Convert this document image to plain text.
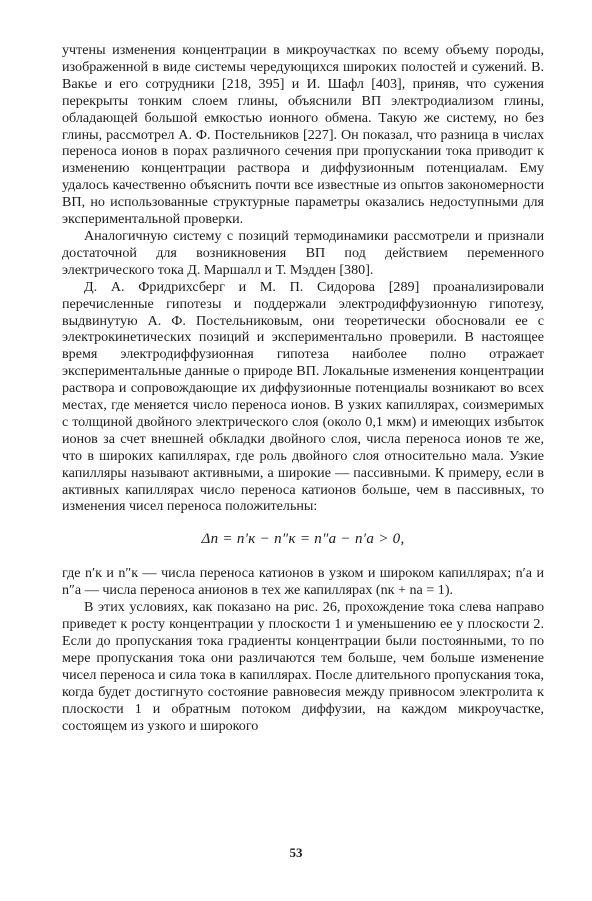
учтены изменения концентрации в микроучастках по всему объему породы, изображенной в виде системы чередующихся широких полостей и сужений. В. Вакье и его сотрудники [218, 395] и И. Шафл [403], приняв, что сужения перекрыты тонким слоем глины, объяснили ВП электродиализом глины, обладающей большой емкостью ионного обмена. Такую же систему, но без глины, рассмотрел А. Ф. Постельников [227]. Он показал, что разница в числах переноса ионов в порах различного сечения при пропускании тока приводит к изменению концентрации раствора и диффузионным потенциалам. Ему удалось качественно объяснить почти все известные из опытов закономерности ВП, но использованные структурные параметры оказались недоступными для экспериментальной проверки.

Аналогичную систему с позиций термодинамики рассмотрели и признали достаточной для возникновения ВП под действием переменного электрического тока Д. Маршалл и Т. Мэдден [380].

Д. А. Фридрихсберг и М. П. Сидорова [289] проанализировали перечисленные гипотезы и поддержали электродиффузионную гипотезу, выдвинутую А. Ф. Постельниковым, они теоретически обосновали ее с электрокинетических позиций и экспериментально проверили. В настоящее время электродиффузионная гипотеза наиболее полно отражает экспериментальные данные о природе ВП. Локальные изменения концентрации раствора и сопровождающие их диффузионные потенциалы возникают во всех местах, где меняется число переноса ионов. В узких капиллярах, соизмеримых с толщиной двойного электрического слоя (около 0,1 мкм) и имеющих избыток ионов за счет внешней обкладки двойного слоя, числа переноса ионов те же, что в широких капиллярах, где роль двойного слоя относительно мала. Узкие капилляры называют активными, а широкие — пассивными. К примеру, если в активных капиллярах число переноса катионов больше, чем в пассивных, то изменения чисел переноса положительны:

Δn = n′к − n″к = n″а − n′а > 0,

где n′к и n″к — числа переноса катионов в узком и широком капиллярах; n′а и n″а — числа переноса анионов в тех же капиллярах (nк + nа = 1).

В этих условиях, как показано на рис. 26, прохождение тока слева направо приведет к росту концентрации у плоскости 1 и уменьшению ее у плоскости 2. Если до пропускания тока градиенты концентрации были постоянными, то по мере пропускания тока они различаются тем больше, чем больше изменение чисел переноса и сила тока в капиллярах. После длительного пропускания тока, когда будет достигнуто состояние равновесия между привносом электролита к плоскости 1 и обратным потоком диффузии, на каждом микроучастке, состоящем из узкого и широкого

53
